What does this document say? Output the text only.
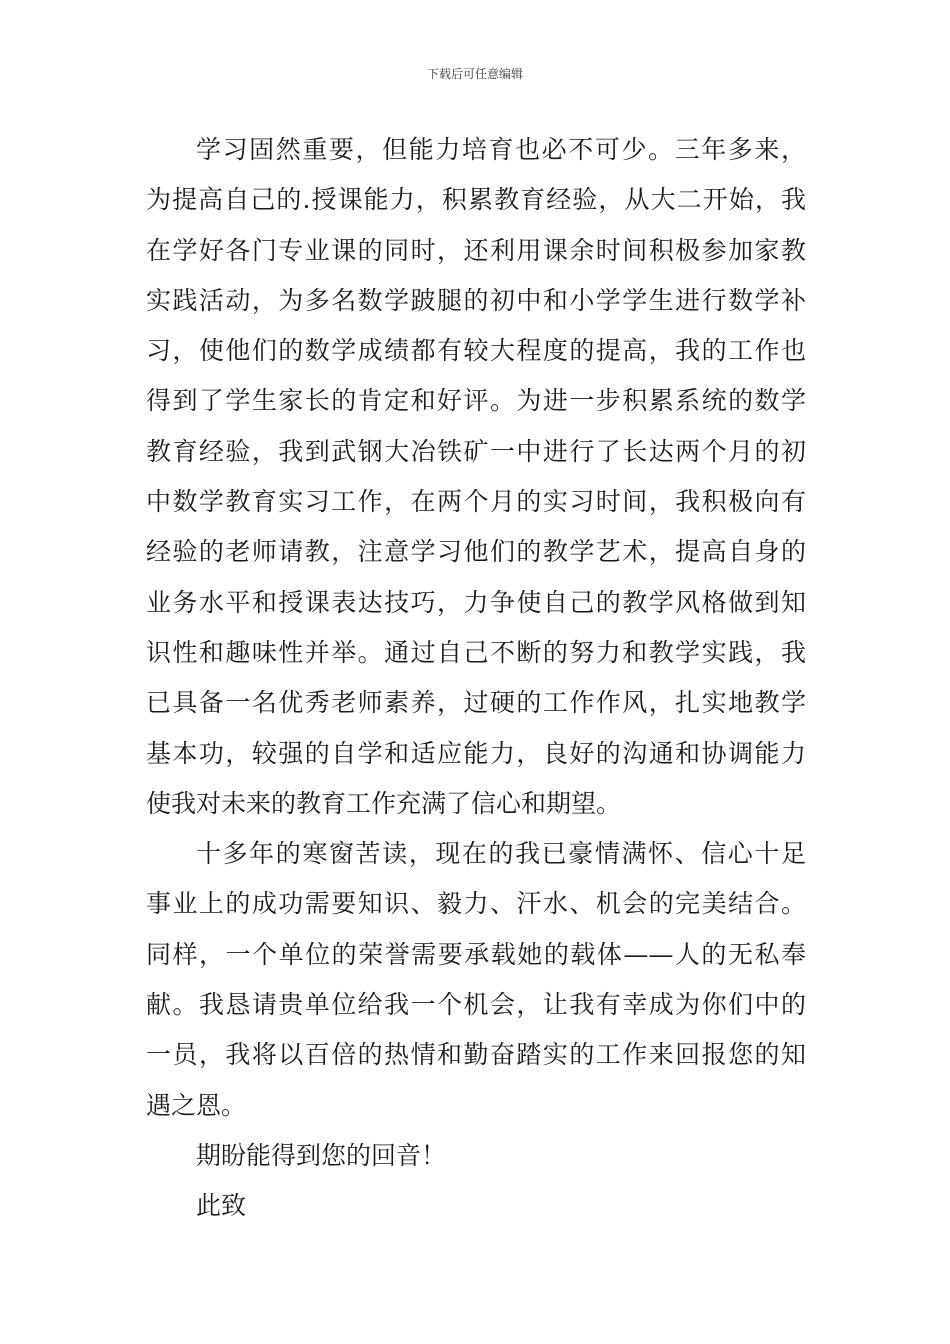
下载后可任意编辑
学习固然重要，但能力培育也必不可少。三年多来，
为提高自己的.授课能力，积累教育经验，从大二开始，我
在学好各门专业课的同时，还利用课余时间积极参加家教
实践活动，为多名数学跛腿的初中和小学学生进行数学补
习，使他们的数学成绩都有较大程度的提高，我的工作也
得到了学生家长的肯定和好评。为进一步积累系统的数学
教育经验，我到武钢大冶铁矿一中进行了长达两个月的初
中数学教育实习工作，在两个月的实习时间，我积极向有
经验的老师请教，注意学习他们的教学艺术，提高自身的
业务水平和授课表达技巧，力争使自己的教学风格做到知
识性和趣味性并举。通过自己不断的努力和教学实践，我
已具备一名优秀老师素养，过硬的工作作风，扎实地教学
基本功，较强的自学和适应能力，良好的沟通和协调能力
使我对未来的教育工作充满了信心和期望。
十多年的寒窗苦读，现在的我已豪情满怀、信心十足
事业上的成功需要知识、毅力、汗水、机会的完美结合。
同样，一个单位的荣誉需要承载她的载体——人的无私奉
献。我恳请贵单位给我一个机会，让我有幸成为你们中的
一员，我将以百倍的热情和勤奋踏实的工作来回报您的知
遇之恩。
期盼能得到您的回音！
此致
